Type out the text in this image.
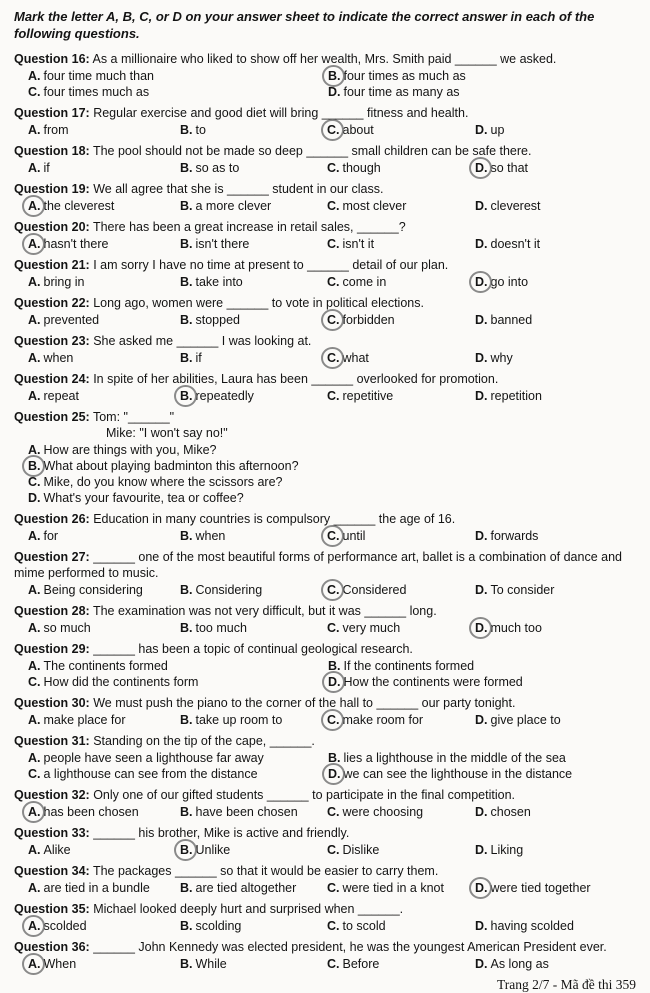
Mark the letter A, B, C, or D on your answer sheet to indicate the correct answer in each of the following questions.
Question 16: As a millionaire who liked to show off her wealth, Mrs. Smith paid ______ we asked.
A. four time much than	B. four times as much as
C. four times much as	D. four time as many as
Question 17: Regular exercise and good diet will bring ______ fitness and health.
A. from	B. to	C. about	D. up
Question 18: The pool should not be made so deep ______ small children can be safe there.
A. if	B. so as to	C. though	D. so that
Question 19: We all agree that she is ______ student in our class.
A. the cleverest	B. a more clever	C. most clever	D. cleverest
Question 20: There has been a great increase in retail sales, ______?
A. hasn't there	B. isn't there	C. isn't it	D. doesn't it
Question 21: I am sorry I have no time at present to ______ detail of our plan.
A. bring in	B. take into	C. come in	D. go into
Question 22: Long ago, women were ______ to vote in political elections.
A. prevented	B. stopped	C. forbidden	D. banned
Question 23: She asked me ______ I was looking at.
A. when	B. if	C. what	D. why
Question 24: In spite of her abilities, Laura has been ______ overlooked for promotion.
A. repeat	B. repeatedly	C. repetitive	D. repetition
Question 25: Tom: "______"
Mike: "I won't say no!"
A. How are things with you, Mike?
B. What about playing badminton this afternoon?
C. Mike, do you know where the scissors are?
D. What's your favourite, tea or coffee?
Question 26: Education in many countries is compulsory ______ the age of 16.
A. for	B. when	C. until	D. forwards
Question 27: ______ one of the most beautiful forms of performance art, ballet is a combination of dance and mime performed to music.
A. Being considering	B. Considering	C. Considered	D. To consider
Question 28: The examination was not very difficult, but it was ______ long.
A. so much	B. too much	C. very much	D. much too
Question 29: ______ has been a topic of continual geological research.
A. The continents formed	B. If the continents formed
C. How did the continents form	D. How the continents were formed
Question 30: We must push the piano to the corner of the hall to ______ our party tonight.
A. make place for	B. take up room to	C. make room for	D. give place to
Question 31: Standing on the tip of the cape, ______.
A. people have seen a lighthouse far away	B. lies a lighthouse in the middle of the sea
C. a lighthouse can see from the distance	D. we can see the lighthouse in the distance
Question 32: Only one of our gifted students ______ to participate in the final competition.
A. has been chosen	B. have been chosen	C. were choosing	D. chosen
Question 33: ______ his brother, Mike is active and friendly.
A. Alike	B. Unlike	C. Dislike	D. Liking
Question 34: The packages ______ so that it would be easier to carry them.
A. are tied in a bundle	B. are tied altogether	C. were tied in a knot	D. were tied together
Question 35: Michael looked deeply hurt and surprised when ______.
A. scolded	B. scolding	C. to scold	D. having scolded
Question 36: ______ John Kennedy was elected president, he was the youngest American President ever.
A. When	B. While	C. Before	D. As long as
Trang 2/7 - Mã đề thi 359
